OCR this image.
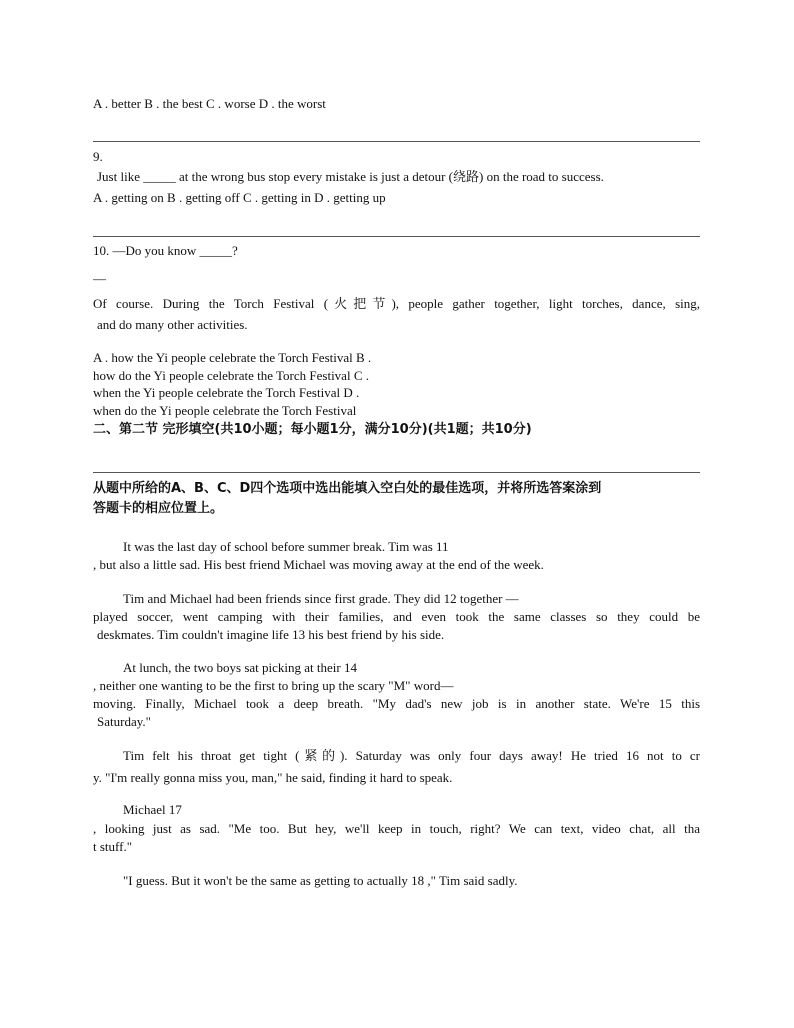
A . better B . the best C . worse D . the worst
9.
Just like _____ at the wrong bus stop every mistake is just a detour (绕路) on the road to success.
A . getting on B . getting off C . getting in D . getting up
10. —Do you know _____?
—
Of course. During the Torch Festival (火把节), people gather together, light torches, dance, sing,
and do many other activities.
A . how the Yi people celebrate the Torch Festival B .
how do the Yi people celebrate the Torch Festival C .
when the Yi people celebrate the Torch Festival D .
when do the Yi people celebrate the Torch Festival
二、第二节 完形填空(共10小题；每小题1分，满分10分)(共1题；共10分)
从题中所给的A、B、C、D四个选项中选出能填入空白处的最佳选项，并将所选答案涂到
答题卡的相应位置上。
It was the last day of school before summer break. Tim was 11
, but also a little sad. His best friend Michael was moving away at the end of the week.
Tim and Michael had been friends since first grade. They did 12 together —
played soccer, went camping with their families, and even took the same classes so they could be
deskmates. Tim couldn't imagine life 13 his best friend by his side.
At lunch, the two boys sat picking at their 14
, neither one wanting to be the first to bring up the scary "M" word—
moving. Finally, Michael took a deep breath. "My dad's new job is in another state. We're 15 this
Saturday."
Tim felt his throat get tight (紧的). Saturday was only four days away! He tried 16 not to cr
y. "I'm really gonna miss you, man," he said, finding it hard to speak.
Michael 17
, looking just as sad. "Me too. But hey, we'll keep in touch, right? We can text, video chat, all tha
t stuff."
"I guess. But it won't be the same as getting to actually 18 ," Tim said sadly.
